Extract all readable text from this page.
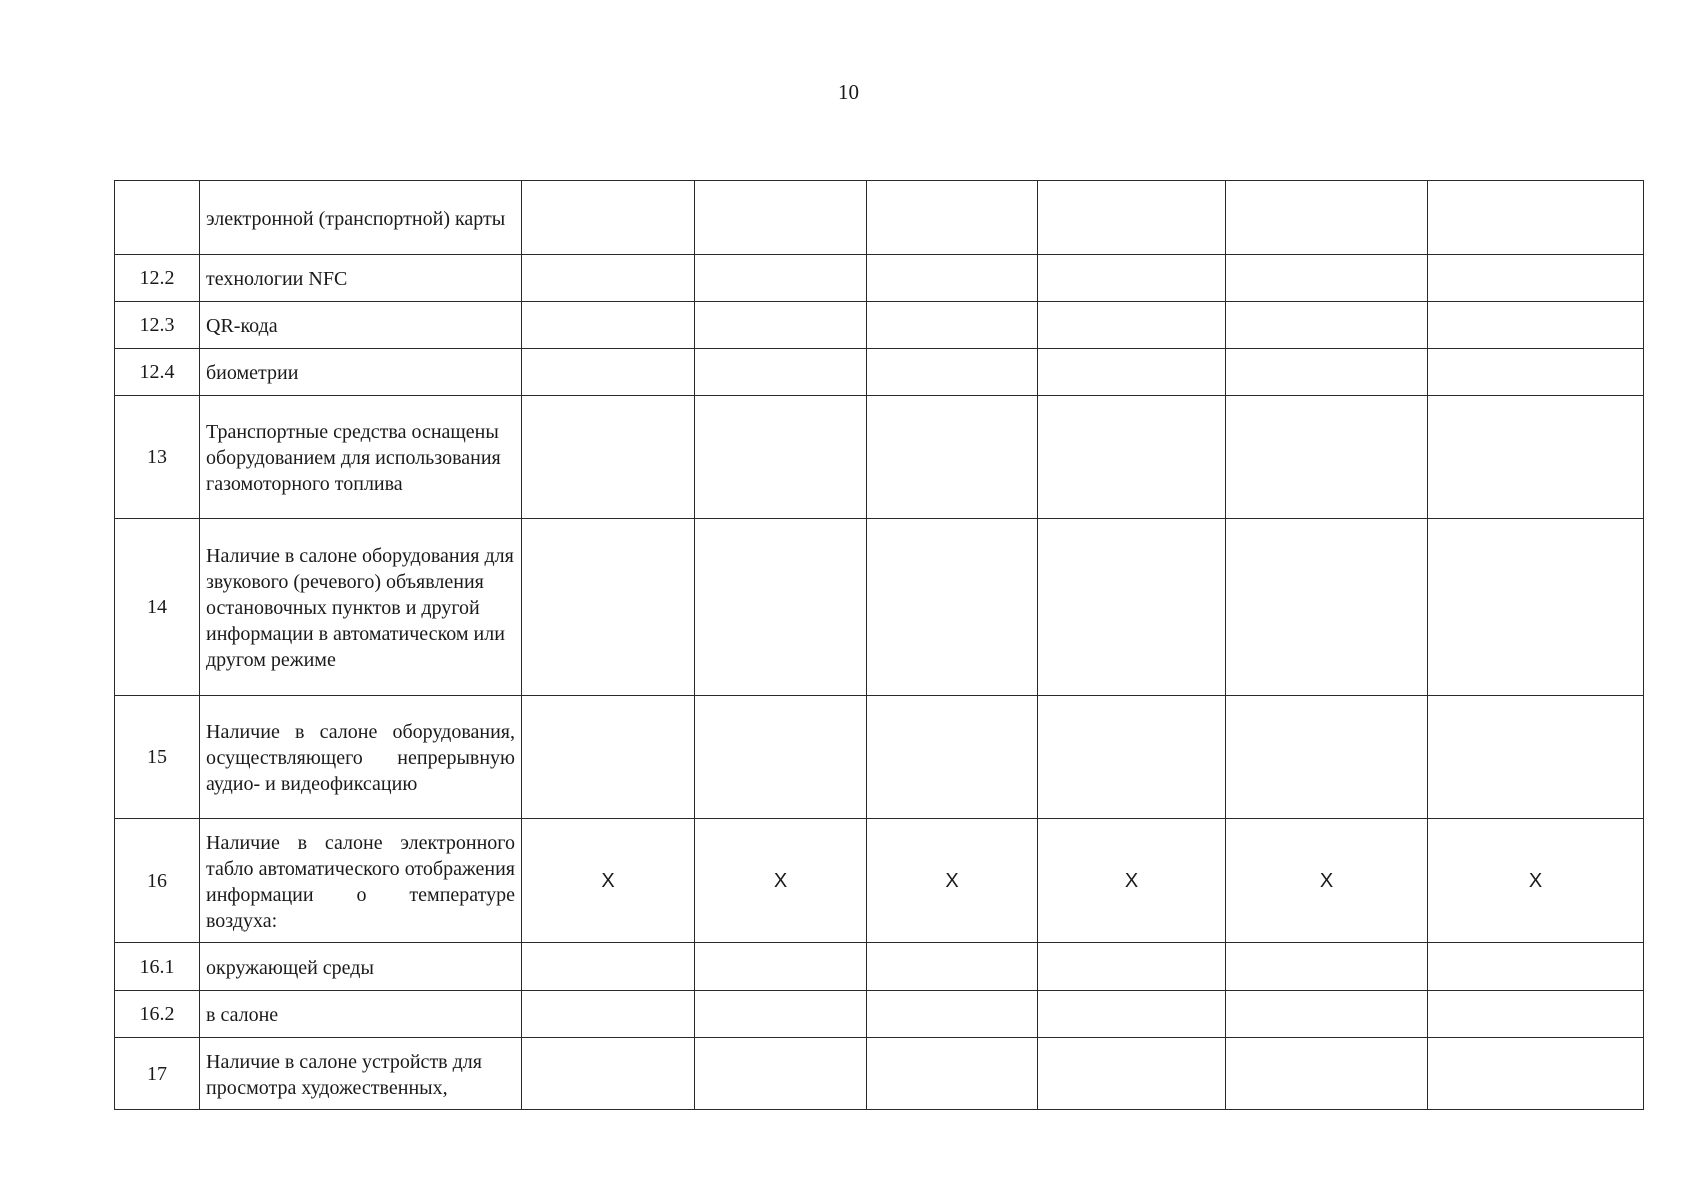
10
	электронной (транспортной) карты						
12.2	технологии NFC						
12.3	QR-кода						
12.4	биометрии						
13	Транспортные средства оснащены оборудованием для использования газомоторного топлива						
14	Наличие в салоне оборудования для звукового (речевого) объявления остановочных пунктов и другой информации в автоматическом или другом режиме						
15	Наличие в салоне оборудования, осуществляющего непрерывную аудио- и видеофиксацию						
16	Наличие в салоне электронного табло автоматического отображения информации о температуре воздуха:	Х	Х	Х	Х	Х	Х
16.1	окружающей среды						
16.2	в салоне						
17	Наличие в салоне устройств для просмотра художественных,						
